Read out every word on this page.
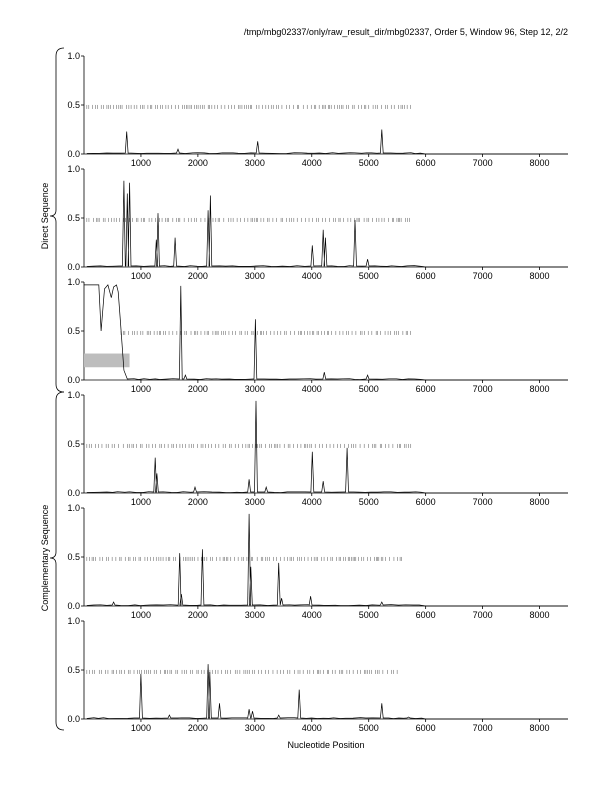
/tmp/mbg02337/only/raw_result_dir/mbg02337, Order 5, Window 96, Step 12, 2/2
Direct Sequence
Complementary Sequence
0.0
0.5
1.0
1000	2000	3000	4000	5000	6000	7000	8000
0.0
0.5
1.0
1000	2000	3000	4000	5000	6000	7000	8000
0.0
0.5
1.0
1000	2000	3000	4000	5000	6000	7000	8000
0.0
0.5
1.0
1000	2000	3000	4000	5000	6000	7000	8000
0.0
0.5
1.0
1000	2000	3000	4000	5000	6000	7000	8000
0.0
0.5
1.0
1000	2000	3000	4000	5000	6000	7000	8000
Nucleotide Position
